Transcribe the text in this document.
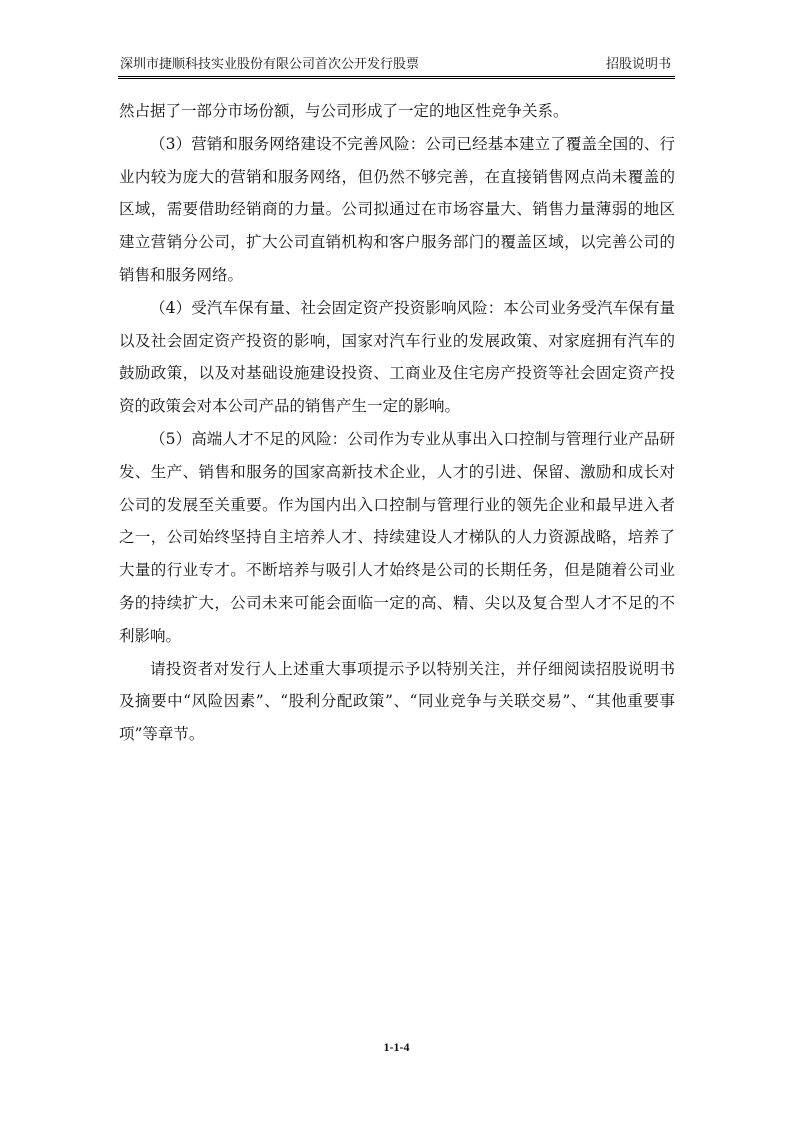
深圳市捷顺科技实业股份有限公司首次公开发行股票	招股说明书

然占据了一部分市场份额，与公司形成了一定的地区性竞争关系。

（3）营销和服务网络建设不完善风险：公司已经基本建立了覆盖全国的、行业内较为庞大的营销和服务网络，但仍然不够完善，在直接销售网点尚未覆盖的区域，需要借助经销商的力量。公司拟通过在市场容量大、销售力量薄弱的地区建立营销分公司，扩大公司直销机构和客户服务部门的覆盖区域，以完善公司的销售和服务网络。

（4）受汽车保有量、社会固定资产投资影响风险：本公司业务受汽车保有量以及社会固定资产投资的影响，国家对汽车行业的发展政策、对家庭拥有汽车的鼓励政策，以及对基础设施建设投资、工商业及住宅房产投资等社会固定资产投资的政策会对本公司产品的销售产生一定的影响。

（5）高端人才不足的风险：公司作为专业从事出入口控制与管理行业产品研发、生产、销售和服务的国家高新技术企业，人才的引进、保留、激励和成长对公司的发展至关重要。作为国内出入口控制与管理行业的领先企业和最早进入者之一，公司始终坚持自主培养人才、持续建设人才梯队的人力资源战略，培养了大量的行业专才。不断培养与吸引人才始终是公司的长期任务，但是随着公司业务的持续扩大，公司未来可能会面临一定的高、精、尖以及复合型人才不足的不利影响。

请投资者对发行人上述重大事项提示予以特别关注，并仔细阅读招股说明书及摘要中“风险因素”、“股利分配政策”、“同业竞争与关联交易”、“其他重要事项”等章节。

1-1-4
